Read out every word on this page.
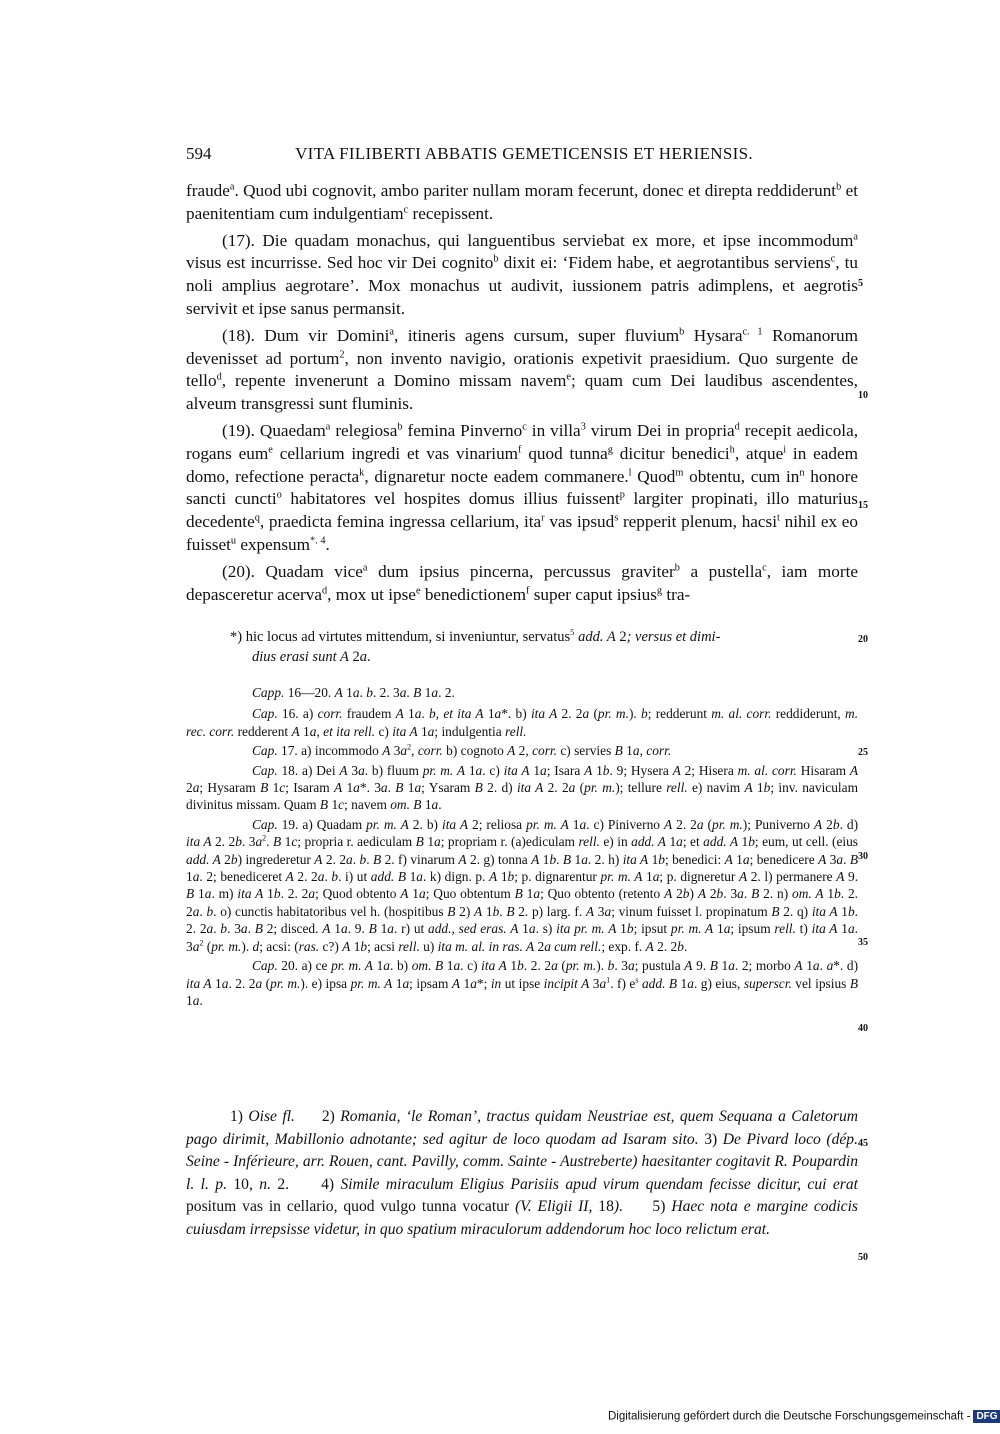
594	VITA FILIBERTI ABBATIS GEMETICENSIS ET HERIENSIS.

fraude$^a$. Quod ubi cognovit, ambo pariter nullam moram fecerunt, donec et direpta reddiderunt$^b$ et paenitentiam cum indulgentiam$^c$ recepissent.

(17). Die quadam monachus, qui languentibus serviebat ex more, et ipse incommodum$^a$ visus est incurrisse. Sed hoc vir Dei cognito$^b$ dixit ei: ‘Fidem habe, et aegrotantibus serviens$^c$, tu noli amplius aegrotare’. Mox monachus ut audivit, iussionem patris adimplens, et aegrotis servivit et ipse sanus permansit.

(18). Dum vir Domini$^a$, itineris agens cursum, super fluvium$^b$ Hysara$^{c. 1}$ Romanorum devenisset ad portum$^2$, non invento navigio, orationis expetivit praesidium. Quo surgente de tello$^d$, repente invenerunt a Domino missam navem$^e$; quam cum Dei laudibus ascendentes, alveum transgressi sunt fluminis.

(19). Quaedam$^a$ relegiosa$^b$ femina Pinverno$^c$ in villa$^3$ virum Dei in propria$^d$ recepit aedicola, rogans eum$^e$ cellarium ingredi et vas vinarium$^f$ quod tunna$^g$ dicitur benedici$^h$, atque$^i$ in eadem domo, refectione peracta$^k$, dignaretur nocte eadem commanere.$^l$ Quod$^m$ obtentu, cum $in^n$ honore sancti cuncti$^o$ habitatores vel hospites domus illius fuissent$^p$ largiter propinati, illo maturius decedente$^q$, praedicta femina ingressa cellarium, ita$^r$ vas ipsud$^s$ repperit plenum, hacsi$^t$ nihil ex eo fuisset$^u$ expensum$^{*. 4}$.

(20). Quadam vice$^a$ dum ipsius pincerna, percussus graviter$^b$ a pustella$^c$, iam morte depasceretur acerva$^d$, mox ut ipse$^e$ benedictionem$^f$ super caput ipsius$^g$ tra-

5
10
15
20
25
30
35
40
45
50
*) hic locus ad virtutes mittendum, si inveniuntur, servatus$^5$ add. A 2; versus et dimi-
dius erasi sunt A 2a.

Capp. 16—20. A 1a. b. 2. 3a. B 1a. 2.

Cap. 16. a) corr. fraudem A 1a. b, et ita A 1a*. b) ita A 2. 2a (pr. m.). b; redderunt m. al. corr. reddiderunt, m. rec. corr. redderent A 1a, et ita rell. c) ita A 1a; indulgentia rell.

Cap. 17. a) incommodo A $3a^2$, corr. b) cognoto A 2, corr. c) servies B 1a, corr.

Cap. 18. a) Dei A 3a. b) fluum pr. m. A 1a. c) ita A 1a; Isara A 1b. 9; Hysera A 2; Hisera m. al. corr. Hisaram A 2a; Hysaram B 1c; Isaram A 1a*. 3a. B 1a; Ysaram B 2. d) ita A 2. 2a (pr. m.); tellure rell. e) navim A 1b; inv. naviculam divinitus missam. Quam B 1c; navem om. B 1a.

Cap. 19. a) Quadam pr. m. A 2. b) ita A 2; reliosa pr. m. A 1a. c) Piniverno A 2. 2a (pr. m.); Puniverno A 2b. d) ita A 2. 2b. $3a^2$. B 1c; propria r. aediculam B 1a; propriam r. (a)ediculam rell. e) in add. A 1a; et add. A 1b; eum, ut cell. (eius add. A 2b) ingrederetur A 2. 2a. b. B 2. f) vinarum A 2. g) tonna A 1b. B 1a. 2. h) ita A 1b; benedici: A 1a; benedicere A 3a. B 1a. 2; benediceret A 2. 2a. b. i) ut add. B 1a. k) dign. p. A 1b; p. dignarentur pr. m. A 1a; p. digneretur A 2. l) permanere A 9. B 1a. m) ita A 1b. 2. 2a; Quod obtento A 1a; Quo obtentum B 1a; Quo obtento (retento A 2b) A 2b. 3a. B 2. n) om. A 1b. 2. 2a. b. o) cunctis habitatoribus vel h. (hospitibus B 2) A 1b. B 2. p) larg. f. A 3a; vinum fuisset l. propinatum B 2. q) ita A 1b. 2. 2a. b. 3a. B 2; disced. A 1a. 9. B 1a. r) ut add., sed eras. A 1a. s) ita pr. m. A 1b; ipsut pr. m. A 1a; ipsum rell. t) ita A 1a. $3a^2$ (pr. m.). d; acsi: (ras. c?) A 1b; acsi rell. u) ita m. al. in ras. A 2a cum rell.; exp. f. A 2. 2b.

Cap. 20. a) ce pr. m. A 1a. b) om. B 1a. c) ita A 1b. 2. 2a (pr. m.). b. 3a; pustula A 9. B 1a. 2; morbo A 1a. a*. d) ita A 1a. 2. 2a (pr. m.). e) ipsa pr. m. A 1a; ipsam A 1a*; in ut ipse incipit A $3a^1$. f) $e^s$ add. B 1a. g) eius, superscr. vel ipsius B 1a.

1) Oise fl.     2) Romania, ‘le Roman’, tractus quidam Neustriae est, quem Sequana a Caletorum pago dirimit, Mabillonio adnotante; sed agitur de loco quodam ad Isaram sito. 3) De Pivard loco (dép. Seine - Inférieure, arr. Rouen, cant. Pavilly, comm. Sainte - Austreberte) haesitanter cogitavit R. Poupardin l. l. p. 10, n. 2.     4) Simile miraculum Eligius Parisiis apud virum quendam fecisse dicitur, cui erat positum vas in cellario, quod vulgo tunna vocatur (V. Eligii II, 18).     5) Haec nota e margine codicis cuiusdam irrepsisse videtur, in quo spatium miraculorum addendorum hoc loco relictum erat.
Digitalisierung gefördert durch die Deutsche Forschungsgemeinschaft - DFG
